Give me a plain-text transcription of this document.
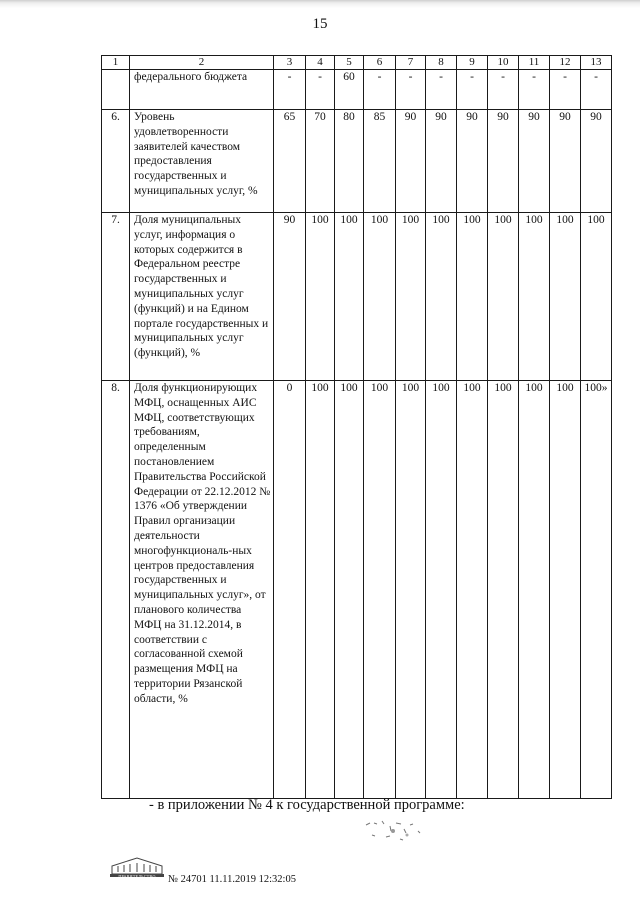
15
1	2	3	4	5	6	7	8	9	10	11	12	13
	федерального бюджета	-	-	60	-	-	-	-	-	-	-	-
6.	Уровень удовлетворенности заявителей качеством предоставления государственных и муниципальных услуг, %	65	70	80	85	90	90	90	90	90	90	90
7.	Доля муниципальных услуг, информация о которых содержится в Федеральном реестре государственных и муниципальных услуг (функций) и на Едином портале государственных и муниципальных услуг (функций), %	90	100	100	100	100	100	100	100	100	100	100
8.	Доля функционирующих МФЦ, оснащенных АИС МФЦ, соответствующих требованиям, определенным постановлением Правительства Российской Федерации от 22.12.2012 № 1376 «Об утверждении Правил организации деятельности многофункциональ-ных центров предоставления государственных и муниципальных услуг», от планового количества МФЦ на 31.12.2014, в соответствии с согласованной схемой размещения МФЦ на территории Рязанской области, %	0	100	100	100	100	100	100	100	100	100	100»
- в приложении № 4 к государственной программе:
ПРАВИТЕЛЬСТВО	№ 24701 11.11.2019 12:32:05
